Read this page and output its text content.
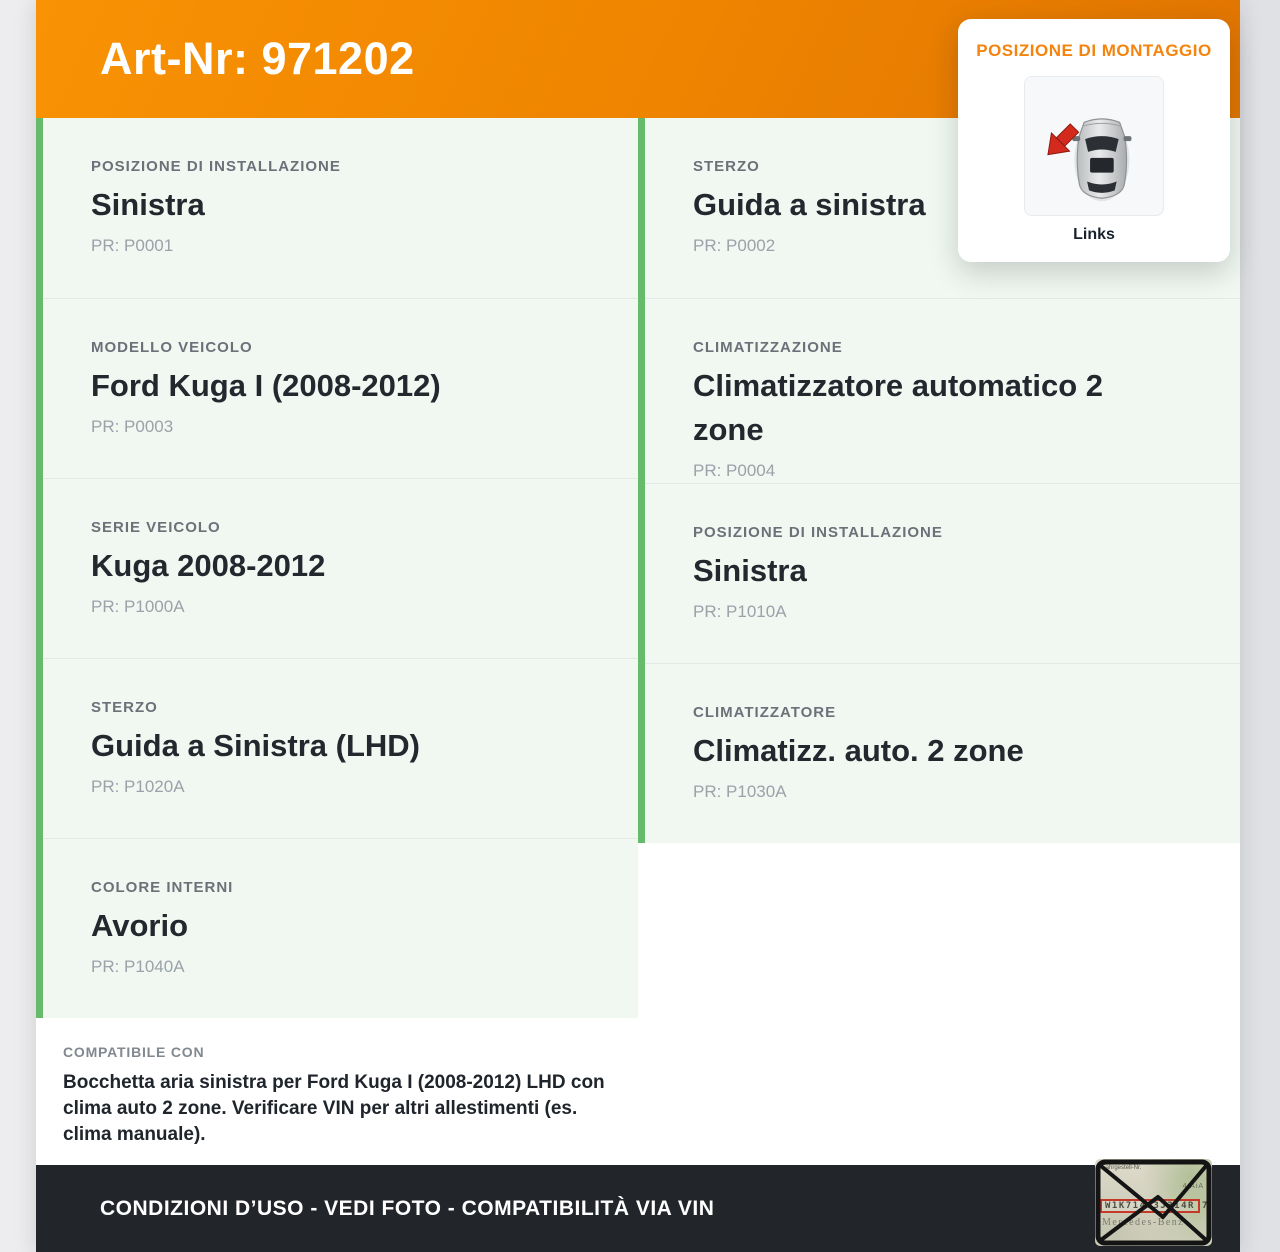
Art-Nr: 971202
POSIZIONE DI INSTALLAZIONE
Sinistra
PR: P0001
MODELLO VEICOLO
Ford Kuga I (2008-2012)
PR: P0003
SERIE VEICOLO
Kuga 2008-2012
PR: P1000A
STERZO
Guida a Sinistra (LHD)
PR: P1020A
COLORE INTERNI
Avorio
PR: P1040A
COMPATIBILE CON
Bocchetta aria sinistra per Ford Kuga I (2008-2012) LHD con clima auto 2 zone. Verificare VIN per altri allestimenti (es. clima manuale).
STERZO
Guida a sinistra
PR: P0002
CLIMATIZZAZIONE
Climatizzatore automatico 2 zone
PR: P0004
POSIZIONE DI INSTALLAZIONE
Sinistra
PR: P1010A
CLIMATIZZATORE
Climatizz. auto. 2 zone
PR: P1030A
POSIZIONE DI MONTAGGIO
Links
CONDIZIONI D’USO - VEDI FOTO - COMPATIBILITÀ VIA VIN
Fahrgestell-Nr.
4 AiA
W1K71463J314R 7
Mercedes-Benz
